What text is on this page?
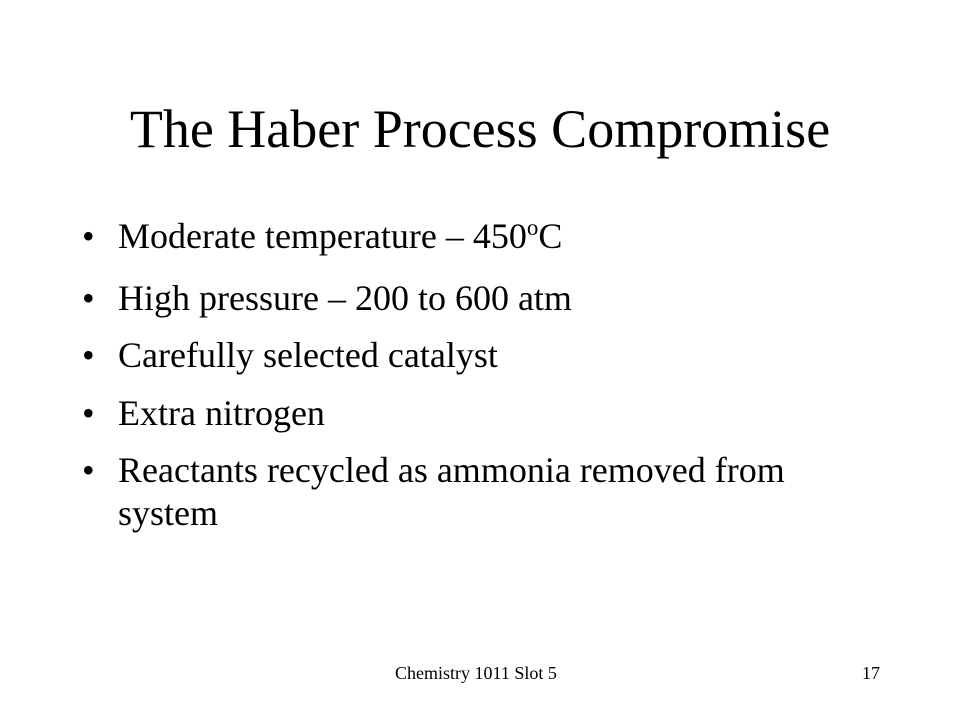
The Haber Process Compromise
• Moderate temperature – 450$^o$C
• High pressure – 200 to 600 atm
• Carefully selected catalyst
• Extra nitrogen
• Reactants recycled as ammonia removed from system
Chemistry 1011 Slot 5	17
